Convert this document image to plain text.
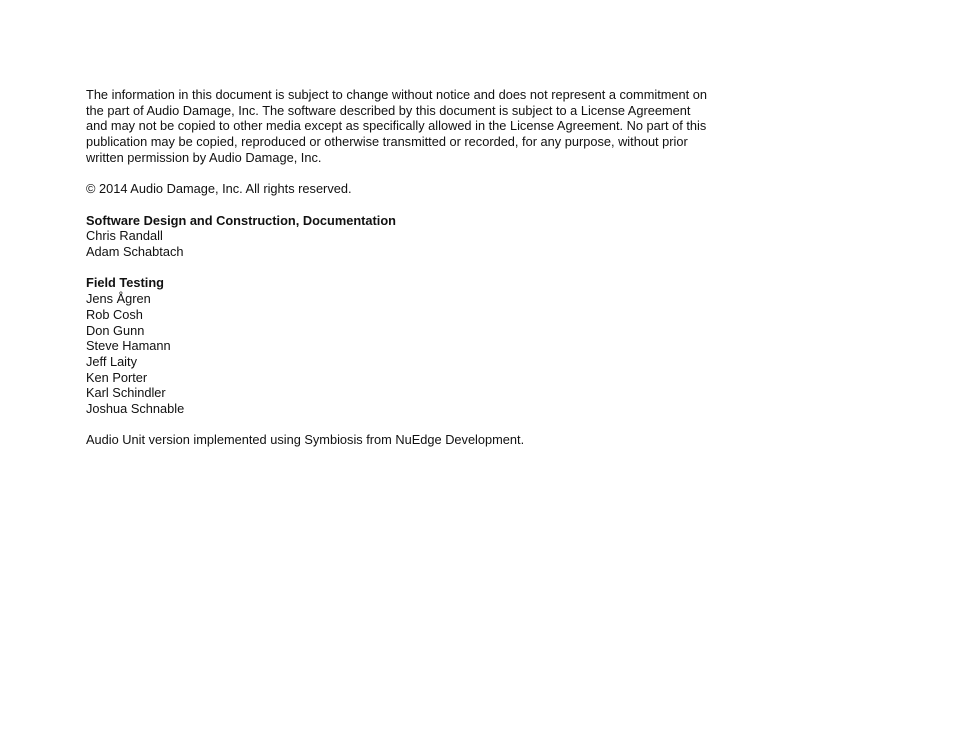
The information in this document is subject to change without notice and does not represent a commitment on
the part of Audio Damage, Inc. The software described by this document is subject to a License Agreement
and may not be copied to other media except as specifically allowed in the License Agreement. No part of this
publication may be copied, reproduced or otherwise transmitted or recorded, for any purpose, without prior
written permission by Audio Damage, Inc.
© 2014 Audio Damage, Inc. All rights reserved.
Software Design and Construction, Documentation
Chris Randall
Adam Schabtach
Field Testing
Jens Ågren
Rob Cosh
Don Gunn
Steve Hamann
Jeff Laity
Ken Porter
Karl Schindler
Joshua Schnable
Audio Unit version implemented using Symbiosis from NuEdge Development.
